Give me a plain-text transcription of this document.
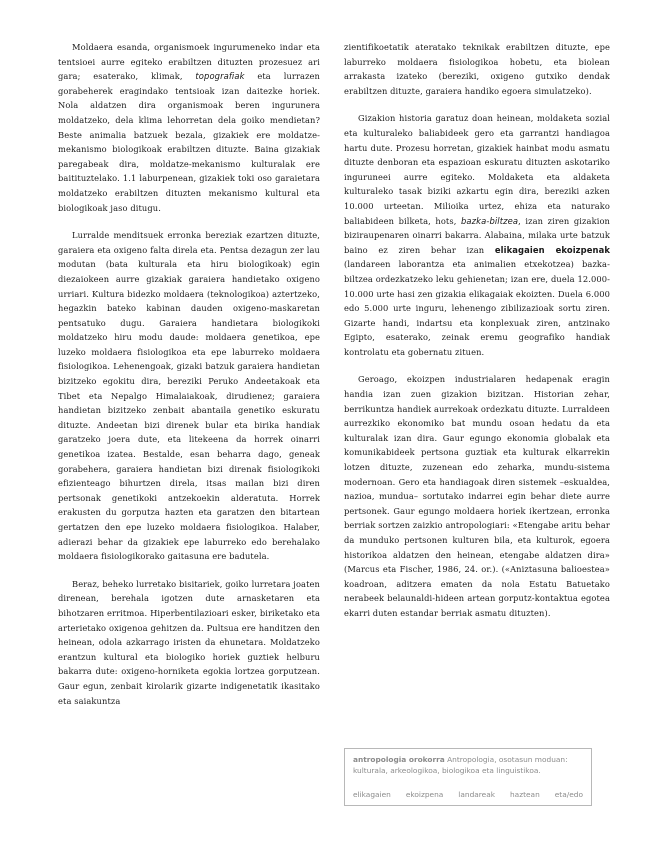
Moldaera esanda, organismoek ingurumeneko indar eta tentsioei aurre egiteko erabiltzen dituzten prozesuez ari gara; esaterako, klimak, topografiak eta lurrazen gorabeherek eragindako tentsioak izan daitezke horiek. Nola aldatzen dira organismoak beren ingurunera moldatzeko, dela klima lehorretan dela goiko mendietan? Beste animalia batzuek bezala, gizakiek ere moldatze-mekanismo biologikoak erabiltzen dituzte. Baina gizakiak paregabeak dira, moldatze-mekanismo kulturalak ere baitituztelako. 1.1 laburpenean, gizakiek toki oso garaietara moldatzeko erabiltzen dituzten mekanismo kultural eta biologikoak jaso ditugu.

Lurralde menditsuek erronka bereziak ezartzen dituzte, garaiera eta oxigeno falta direla eta. Pentsa dezagun zer lau modutan (bata kulturala eta hiru biologikoak) egin diezaiokeen aurre gizakiak garaiera handietako oxigeno urriari. Kultura bidezko moldaera (teknologikoa) aztertzeko, hegazkin bateko kabinan dauden oxigeno-maskaretan pentsatuko dugu. Garaiera handietara biologikoki moldatzeko hiru modu daude: moldaera genetikoa, epe luzeko moldaera fisiologikoa eta epe laburreko moldaera fisiologikoa. Lehenengoak, gizaki batzuk garaiera handietan bizitzeko egokitu dira, bereziki Peruko Andeetakoak eta Tibet eta Nepalgo Himalaiakoak, dirudienez; garaiera handietan bizitzeko zenbait abantaila genetiko eskuratu dituzte. Andeetan bizi direnek bular eta birika handiak garatzeko joera dute, eta litekeena da horrek oinarri genetikoa izatea. Bestalde, esan beharra dago, geneak gorabehera, garaiera handietan bizi direnak fisiologikoki efizienteago bihurtzen direla, itsas mailan bizi diren pertsonak genetikoki antzekoekin alderatuta. Horrek erakusten du gorputza hazten eta garatzen den bitartean gertatzen den epe luzeko moldaera fisiologikoa. Halaber, adierazi behar da gizakiek epe laburreko edo berehalako moldaera fisiologikorako gaitasuna ere badutela.

Beraz, beheko lurretako bisitariek, goiko lurretara joaten direnean, berehala igotzen dute arnasketaren eta bihotzaren erritmoa. Hiperbentilazioari esker, biriketako eta arterietako oxigenoa gehitzen da. Pultsua ere handitzen den heinean, odola azkarrago iristen da ehunetara. Moldatzeko erantzun kultural eta biologiko horiek guztiek helburu bakarra dute: oxigeno-horniketa egokia lortzea gorputzean. Gaur egun, zenbait kirolarik gizarte indigenetatik ikasitako eta saiakuntza

zientifikoetatik ateratako teknikak erabiltzen dituzte, epe laburreko moldaera fisiologikoa hobetu, eta biolean arrakasta izateko (bereziki, oxigeno gutxiko dendak erabiltzen dituzte, garaiera handiko egoera simulatzeko).

Gizakion historia garatuz doan heinean, moldaketa sozial eta kulturaleko baliabideek gero eta garrantzi handiagoa hartu dute. Prozesu horretan, gizakiek hainbat modu asmatu dituzte denboran eta espazioan eskuratu dituzten askotariko inguruneei aurre egiteko. Moldaketa eta aldaketa kulturaleko tasak biziki azkartu egin dira, bereziki azken 10.000 urteetan. Milioika urtez, ehiza eta naturako baliabideen bilketa, hots, bazka-biltzea, izan ziren gizakion biziraupenaren oinarri bakarra. Alabaina, milaka urte batzuk baino ez ziren behar izan elikagaien ekoizpenak (landareen laborantza eta animalien etxekotzea) bazka-biltzea ordezkatzeko leku gehienetan; izan ere, duela 12.000-10.000 urte hasi zen gizakia elikagaiak ekoizten. Duela 6.000 edo 5.000 urte inguru, lehenengo zibilizazioak sortu ziren. Gizarte handi, indartsu eta konplexuak ziren, antzinako Egipto, esaterako, zeinak eremu geografiko handiak kontrolatu eta gobernatu zituen.

Geroago, ekoizpen industrialaren hedapenak eragin handia izan zuen gizakion bizitzan. Historian zehar, berrikuntza handiek aurrekoak ordezkatu dituzte. Lurraldeen aurrezkiko ekonomiko bat mundu osoan hedatu da eta kulturalak izan dira. Gaur egungo ekonomia globalak eta komunikabideek pertsona guztiak eta kulturak elkarrekin lotzen dituzte, zuzenean edo zeharka, mundu-sistema modernoan. Gero eta handiagoak diren sistemek –eskualdea, nazioa, mundua– sortutako indarrei egin behar diete aurre pertsonek. Gaur egungo moldaera horiek ikertzean, erronka berriak sortzen zaizkio antropologiari: «Etengabe aritu behar da munduko pertsonen kulturen bila, eta kulturok, egoera historikoa aldatzen den heinean, etengabe aldatzen dira» (Marcus eta Fischer, 1986, 24. or.). («Aniztasuna balioestea» koadroan, aditzera ematen da nola Estatu Batuetako nerabeek belaunaldi-hideen artean gorputz-kontaktua egotea ekarri duten estandar berriak asmatu dituzten).

antropologia orokorra Antropologia, osotasun moduan: kulturala, arkeologikoa, biologikoa eta linguistikoa.
elikagaien ekoizpena landareak haztean eta/edo
